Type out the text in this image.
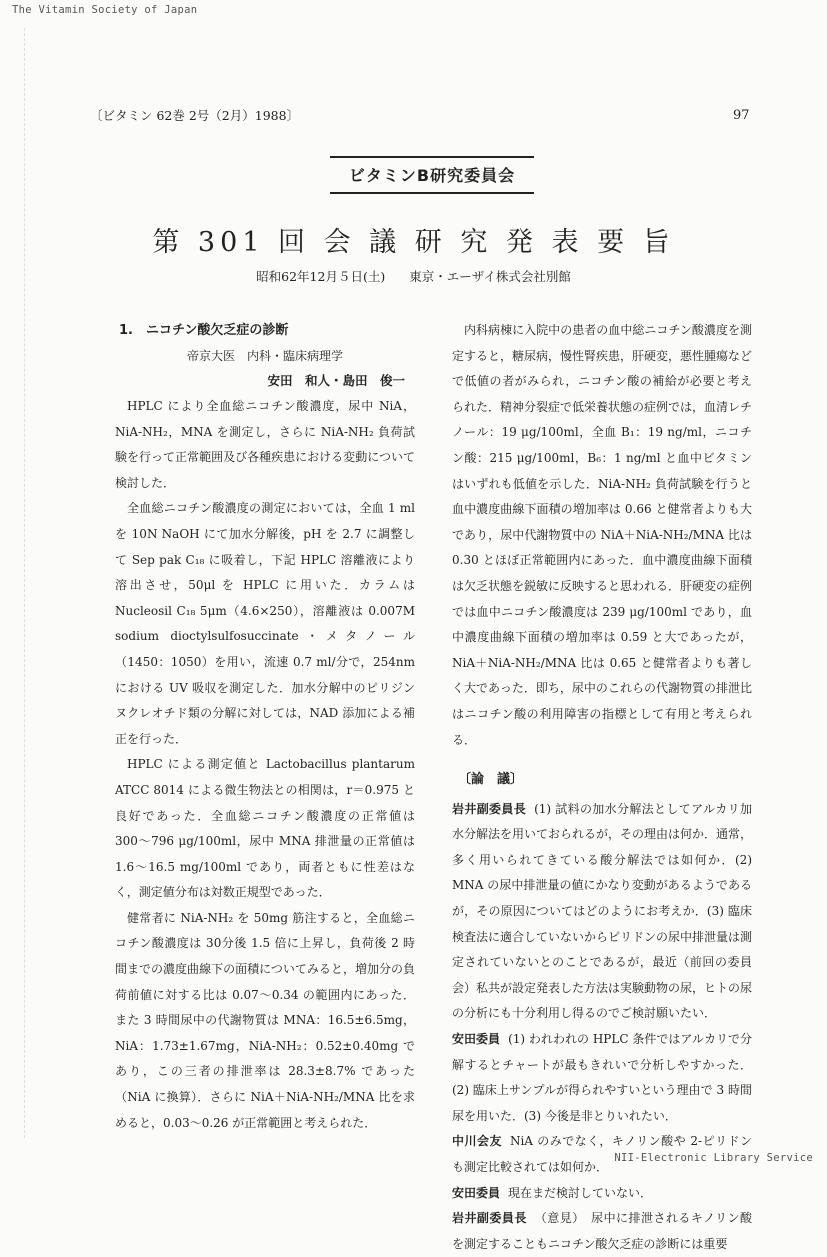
The Vitamin Society of Japan
〔ビタミン 62巻 2号（2月）1988〕	97
ビタミンB研究委員会
第 301 回 会 議 研 究 発 表 要 旨
昭和62年12月５日(土) 東京・エーザイ株式会社別館
1.　ニコチン酸欠乏症の診断
帝京大医　内科・臨床病理学
安田　和人・島田　俊一

HPLC により全血総ニコチン酸濃度，尿中 NiA，NiA-NH₂，MNA を測定し，さらに NiA-NH₂ 負荷試験を行って正常範囲及び各種疾患における変動について検討した．

全血総ニコチン酸濃度の測定においては，全血 1 ml を 10N NaOH にて加水分解後，pH を 2.7 に調整して Sep pak C₁₈ に吸着し，下記 HPLC 溶離液により溶出させ，50μl を HPLC に用いた．カラムは Nucleosil C₁₈ 5μm（4.6×250），溶離液は 0.007M sodium dioctylsulfosuccinate・メタノール（1450：1050）を用い，流速 0.7 ml/分で，254nm における UV 吸収を測定した．加水分解中のピリジンヌクレオチド類の分解に対しては，NAD 添加による補正を行った．

HPLC による測定値と Lactobacillus plantarum ATCC 8014 による微生物法との相関は，r＝0.975 と良好であった．全血総ニコチン酸濃度の正常値は 300〜796 μg/100ml，尿中 MNA 排泄量の正常値は 1.6〜16.5 mg/100ml であり，両者ともに性差はなく，測定値分布は対数正規型であった．

健常者に NiA-NH₂ を 50mg 筋注すると，全血総ニコチン酸濃度は 30分後 1.5 倍に上昇し，負荷後 2 時間までの濃度曲線下の面積についてみると，増加分の負荷前値に対する比は 0.07〜0.34 の範囲内にあった．また 3 時間尿中の代謝物質は MNA：16.5±6.5mg，NiA：1.73±1.67mg，NiA-NH₂：0.52±0.40mg であり，この三者の排泄率は 28.3±8.7% であった（NiA に換算）．さらに NiA＋NiA-NH₂/MNA 比を求めると，0.03〜0.26 が正常範囲と考えられた．

内科病棟に入院中の患者の血中総ニコチン酸濃度を測定すると，糖尿病，慢性腎疾患，肝硬変，悪性腫瘍などで低値の者がみられ，ニコチン酸の補給が必要と考えられた．精神分裂症で低栄養状態の症例では，血清レチノール：19 μg/100ml，全血 B₁：19 ng/ml，ニコチン酸：215 μg/100ml，B₆：1 ng/ml と血中ビタミンはいずれも低値を示した．NiA-NH₂ 負荷試験を行うと血中濃度曲線下面積の増加率は 0.66 と健常者よりも大であり，尿中代謝物質中の NiA＋NiA-NH₂/MNA 比は 0.30 とほぼ正常範囲内にあった．血中濃度曲線下面積は欠乏状態を鋭敏に反映すると思われる．肝硬変の症例では血中ニコチン酸濃度は 239 μg/100ml であり，血中濃度曲線下面積の増加率は 0.59 と大であったが，NiA＋NiA-NH₂/MNA 比は 0.65 と健常者よりも著しく大であった．即ち，尿中のこれらの代謝物質の排泄比はニコチン酸の利用障害の指標として有用と考えられる．

〔論　議〕

岩井副委員長 (1) 試料の加水分解法としてアルカリ加水分解法を用いておられるが，その理由は何か．通常，多く用いられてきている酸分解法では如何か．(2) MNA の尿中排泄量の値にかなり変動があるようであるが，その原因についてはどのようにお考えか．(3) 臨床検査法に適合していないからピリドンの尿中排泄量は測定されていないとのことであるが，最近（前回の委員会）私共が設定発表した方法は実験動物の尿，ヒトの尿の分析にも十分利用し得るのでご検討願いたい．

安田委員 (1) われわれの HPLC 条件ではアルカリで分解するとチャートが最もきれいで分析しやすかった．(2) 臨床上サンプルが得られやすいという理由で 3 時間尿を用いた．(3) 今後是非とりいれたい．

中川会友 NiA のみでなく，キノリン酸や 2-ピリドンも測定比較されては如何か．

安田委員 現在まだ検討していない．

岩井副委員長 （意見）　尿中に排泄されるキノリン酸を測定することもニコチン酸欠乏症の診断には重要

NII-Electronic Library Service
